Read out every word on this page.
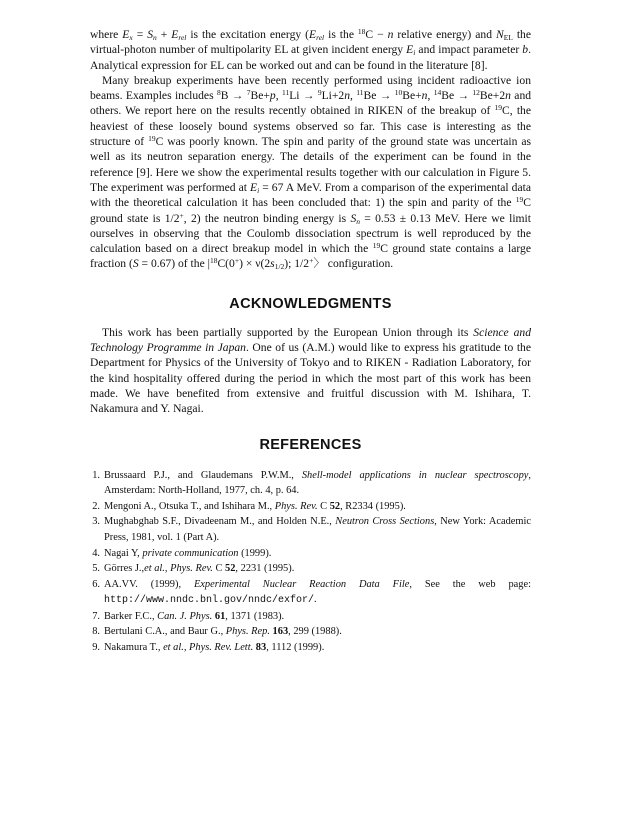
where $E_x = S_n + E_{rel}$ is the excitation energy ($E_{rel}$ is the $^{18}$C − n relative energy) and $N_{EL}$ the virtual-photon number of multipolarity EL at given incident energy $E_i$ and impact parameter b. Analytical expression for EL can be worked out and can be found in the literature [8].

Many breakup experiments have been recently performed using incident radioactive ion beams. Examples includes $^8$B → $^7$Be+p, $^{11}$Li → $^9$Li+2n, $^{11}$Be → $^{10}$Be+n, $^{14}$Be → $^{12}$Be+2n and others. We report here on the results recently obtained in RIKEN of the breakup of $^{19}$C, the heaviest of these loosely bound systems observed so far. This case is interesting as the structure of $^{19}$C was poorly known. The spin and parity of the ground state was uncertain as well as its neutron separation energy. The details of the experiment can be found in the reference [9]. Here we show the experimental results together with our calculation in Figure 5. The experiment was performed at $E_i = 67$ A MeV. From a comparison of the experimental data with the theoretical calculation it has been concluded that: 1) the spin and parity of the $^{19}$C ground state is 1/2+, 2) the neutron binding energy is $S_n = 0.53 \pm 0.13$ MeV. Here we limit ourselves in observing that the Coulomb dissociation spectrum is well reproduced by the calculation based on a direct breakup model in which the $^{19}$C ground state contains a large fraction (S = 0.67) of the $|^{18}C(0^+) \times \nu(2s_{1/2})$; 1/2+〉 configuration.

ACKNOWLEDGMENTS

This work has been partially supported by the European Union through its Science and Technology Programme in Japan. One of us (A.M.) would like to express his gratitude to the Department for Physics of the University of Tokyo and to RIKEN - Radiation Laboratory, for the kind hospitality offered during the period in which the most part of this work has been made. We have benefited from extensive and fruitful discussion with M. Ishihara, T. Nakamura and Y. Nagai.

REFERENCES
1. Brussaard P.J., and Glaudemans P.W.M., Shell-model applications in nuclear spectroscopy, Amsterdam: North-Holland, 1977, ch. 4, p. 64.
2. Mengoni A., Otsuka T., and Ishihara M., Phys. Rev. C 52, R2334 (1995).
3. Mughabghab S.F., Divadeenam M., and Holden N.E., Neutron Cross Sections, New York: Academic Press, 1981, vol. 1 (Part A).
4. Nagai Y, private communication (1999).
5. Görres J.,et al., Phys. Rev. C 52, 2231 (1995).
6. AA.VV. (1999), Experimental Nuclear Reaction Data File, See the web page: http://www.nndc.bnl.gov/nndc/exfor/.
7. Barker F.C., Can. J. Phys. 61, 1371 (1983).
8. Bertulani C.A., and Baur G., Phys. Rep. 163, 299 (1988).
9. Nakamura T., et al., Phys. Rev. Lett. 83, 1112 (1999).
